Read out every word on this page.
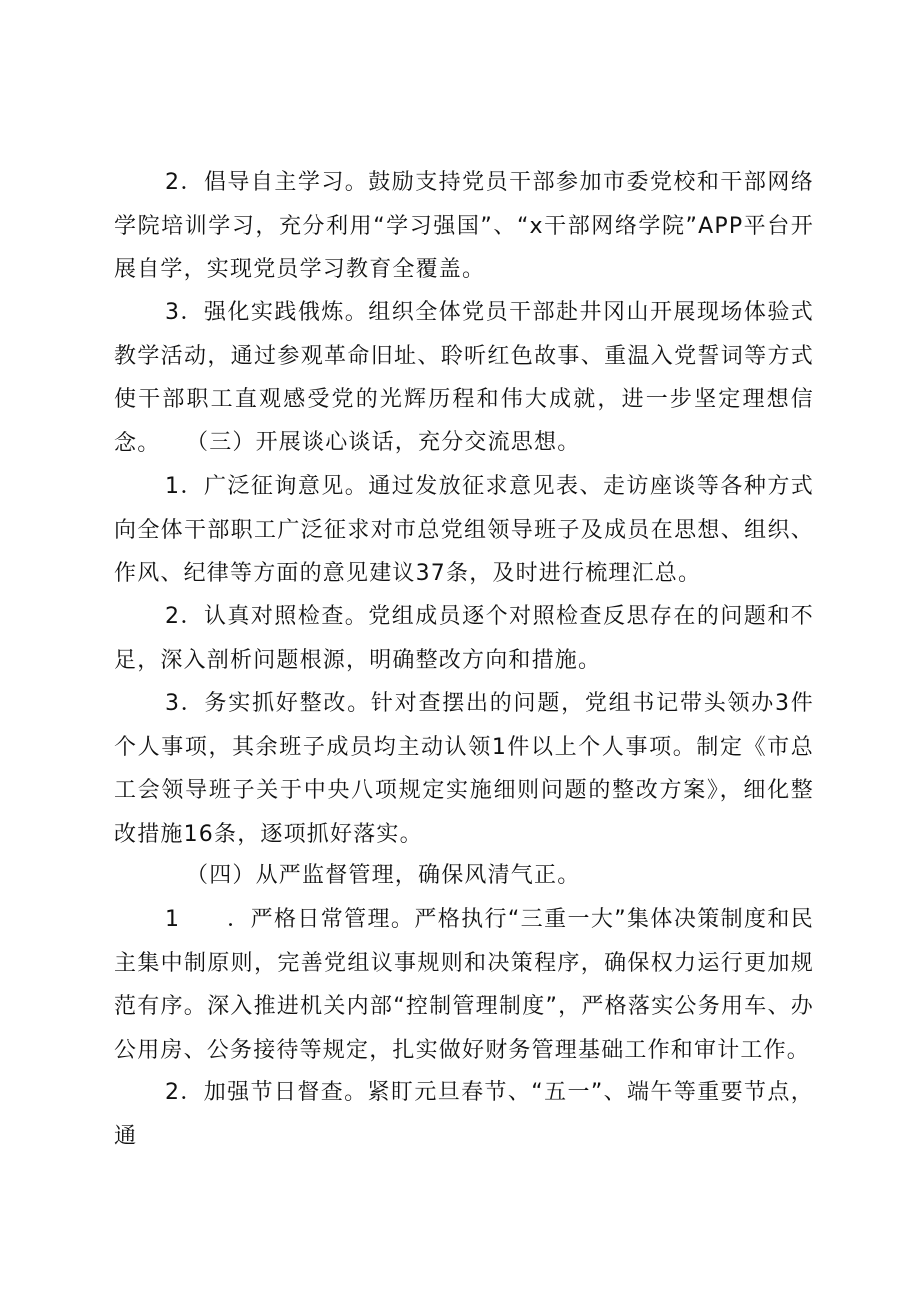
2．倡导自主学习。鼓励支持党员干部参加市委党校和干部网络学院培训学习，充分利用“学习强国”、“x干部网络学院”APP平台开展自学，实现党员学习教育全覆盖。

3．强化实践俄炼。组织全体党员干部赴井冈山开展现场体验式教学活动，通过参观革命旧址、聆听红色故事、重温入党誓词等方式使干部职工直观感受党的光辉历程和伟大成就，进一步坚定理想信念。	（三）开展谈心谈话，充分交流思想。

1．广泛征询意见。通过发放征求意见表、走访座谈等各种方式向全体干部职工广泛征求对市总党组领导班子及成员在思想、组织、作风、纪律等方面的意见建议37条，及时进行梳理汇总。

2．认真对照检查。党组成员逐个对照检查反思存在的问题和不足，深入剖析问题根源，明确整改方向和措施。

3．务实抓好整改。针对查摆出的问题，党组书记带头领办3件个人事项，其余班子成员均主动认领1件以上个人事项。制定《市总工会领导班子关于中央八项规定实施细则问题的整改方案》，细化整改措施16条，逐项抓好落实。

（四）从严监督管理，确保风清气正。

1　　．严格日常管理。严格执行“三重一大”集体决策制度和民主集中制原则，完善党组议事规则和决策程序，确保权力运行更加规范有序。深入推进机关内部“控制管理制度”，严格落实公务用车、办公用房、公务接待等规定，扎实做好财务管理基础工作和审计工作。

2．加强节日督查。紧盯元旦春节、“五一”、端午等重要节点，通
